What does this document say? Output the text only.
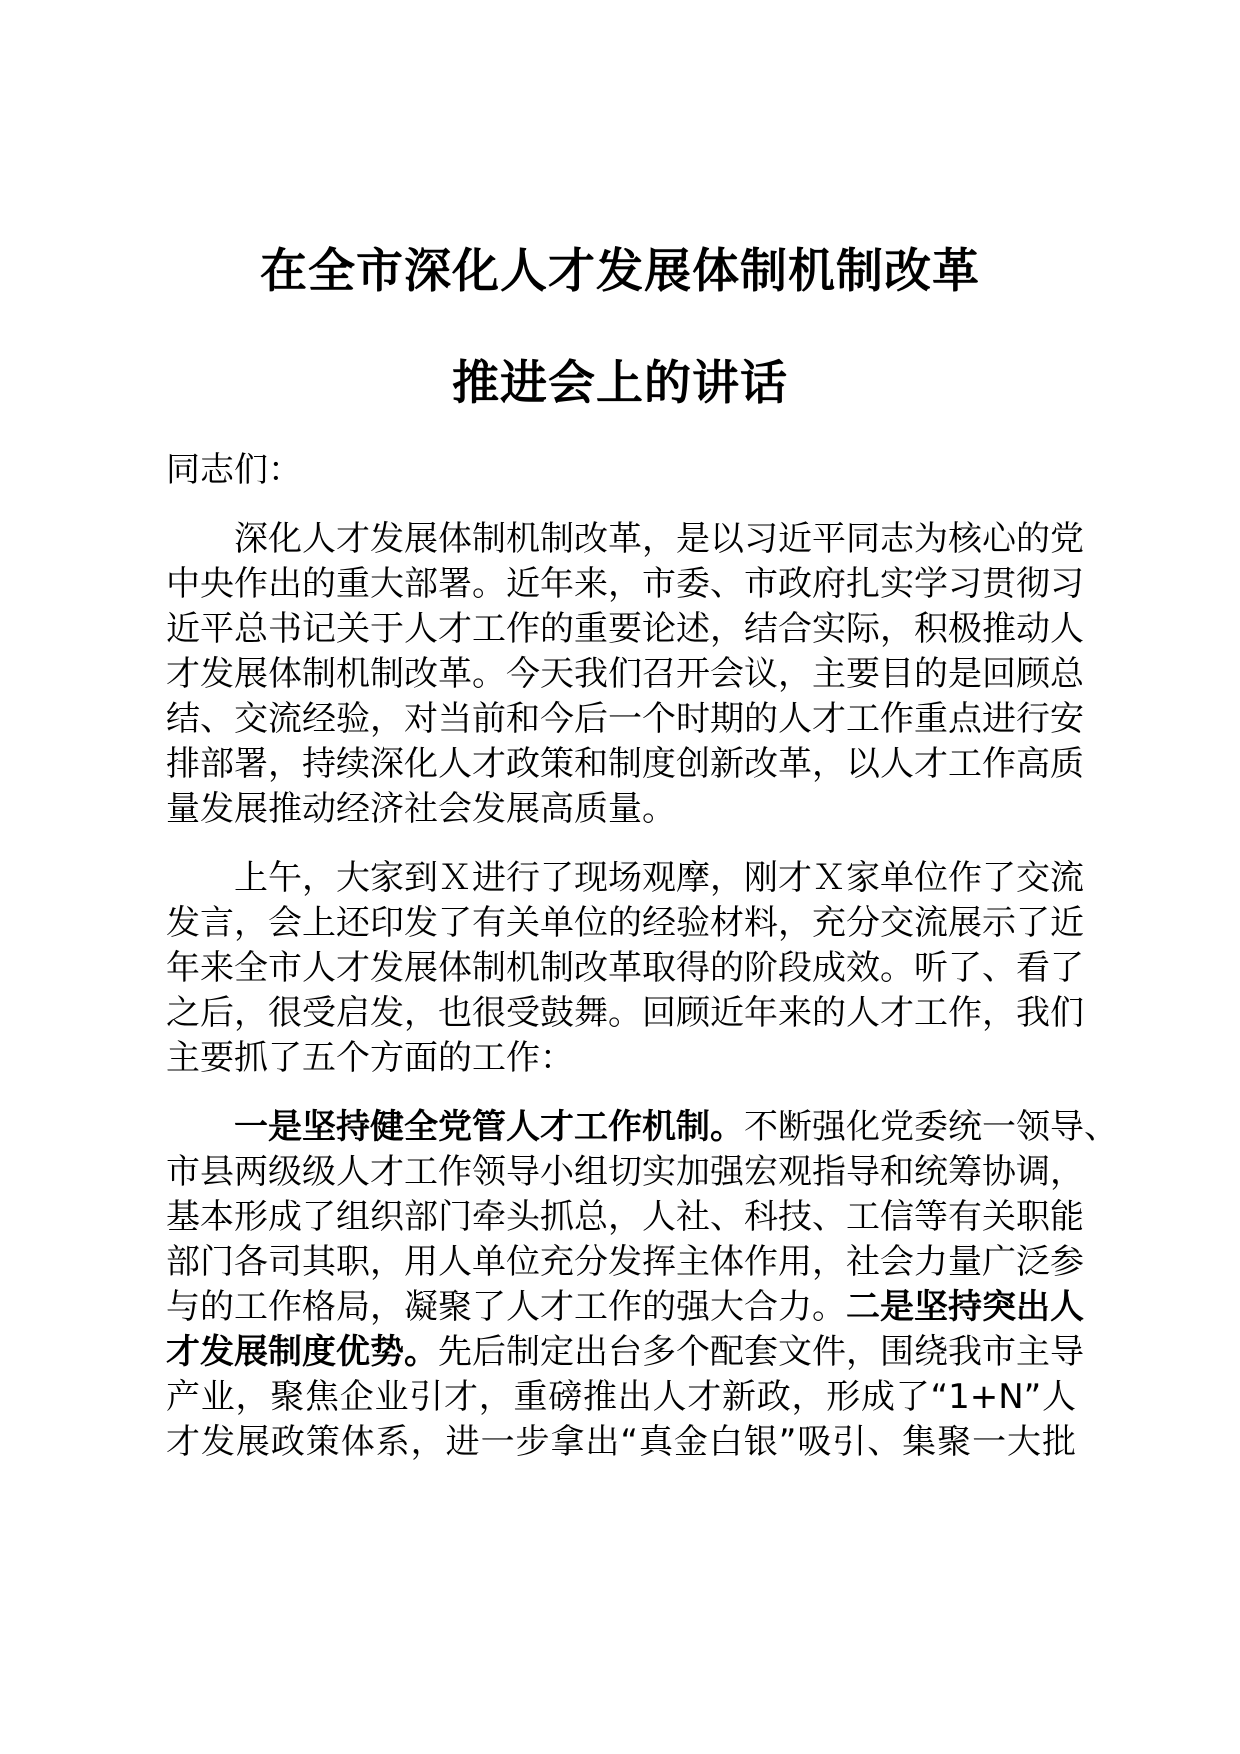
在全市深化人才发展体制机制改革
推进会上的讲话
同志们：
深化人才发展体制机制改革，是以习近平同志为核心的党
中央作出的重大部署。近年来，市委、市政府扎实学习贯彻习
近平总书记关于人才工作的重要论述，结合实际，积极推动人
才发展体制机制改革。今天我们召开会议，主要目的是回顾总
结、交流经验，对当前和今后一个时期的人才工作重点进行安
排部署，持续深化人才政策和制度创新改革，以人才工作高质
量发展推动经济社会发展高质量。
上午，大家到Ｘ进行了现场观摩，刚才Ｘ家单位作了交流
发言，会上还印发了有关单位的经验材料，充分交流展示了近
年来全市人才发展体制机制改革取得的阶段成效。听了、看了
之后，很受启发，也很受鼓舞。回顾近年来的人才工作，我们
主要抓了五个方面的工作：
一是坚持健全党管人才工作机制。不断强化党委统一领导、
市县两级级人才工作领导小组切实加强宏观指导和统筹协调，
基本形成了组织部门牵头抓总，人社、科技、工信等有关职能
部门各司其职，用人单位充分发挥主体作用，社会力量广泛参
与的工作格局，凝聚了人才工作的强大合力。二是坚持突出人
才发展制度优势。先后制定出台多个配套文件，围绕我市主导
产业，聚焦企业引才，重磅推出人才新政，形成了“1+N”人
才发展政策体系，进一步拿出“真金白银”吸引、集聚一大批
